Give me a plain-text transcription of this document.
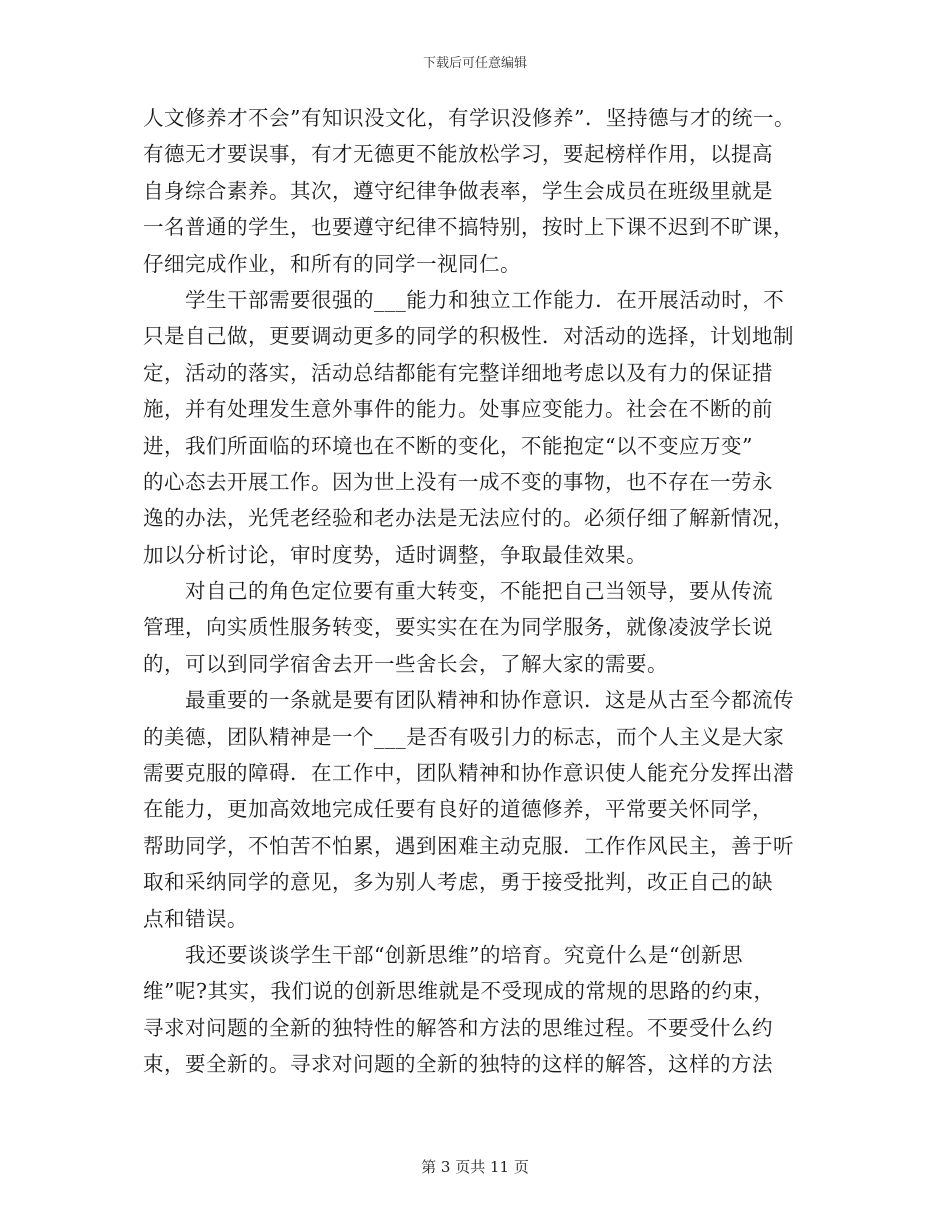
下载后可任意编辑
人文修养才不会”有知识没文化，有学识没修养”．坚持德与才的统一。
有德无才要误事，有才无德更不能放松学习，要起榜样作用，以提高
自身综合素养。其次，遵守纪律争做表率，学生会成员在班级里就是
一名普通的学生，也要遵守纪律不搞特别，按时上下课不迟到不旷课，
仔细完成作业，和所有的同学一视同仁。
学生干部需要很强的___能力和独立工作能力．在开展活动时，不
只是自己做，更要调动更多的同学的积极性．对活动的选择，计划地制
定，活动的落实，活动总结都能有完整详细地考虑以及有力的保证措
施，并有处理发生意外事件的能力。处事应变能力。社会在不断的前
进，我们所面临的环境也在不断的变化，不能抱定“以不变应万变”
的心态去开展工作。因为世上没有一成不变的事物，也不存在一劳永
逸的办法，光凭老经验和老办法是无法应付的。必须仔细了解新情况，
加以分析讨论，审时度势，适时调整，争取最佳效果。
对自己的角色定位要有重大转变，不能把自己当领导，要从传流
管理，向实质性服务转变，要实实在在为同学服务，就像凌波学长说
的，可以到同学宿舍去开一些舍长会，了解大家的需要。
最重要的一条就是要有团队精神和协作意识．这是从古至今都流传
的美德，团队精神是一个___是否有吸引力的标志，而个人主义是大家
需要克服的障碍．在工作中，团队精神和协作意识使人能充分发挥出潜
在能力，更加高效地完成任要有良好的道德修养，平常要关怀同学，
帮助同学，不怕苦不怕累，遇到困难主动克服．工作作风民主，善于听
取和采纳同学的意见，多为别人考虑，勇于接受批判，改正自己的缺
点和错误。
我还要谈谈学生干部“创新思维”的培育。究竟什么是“创新思
维”呢?其实，我们说的创新思维就是不受现成的常规的思路的约束，
寻求对问题的全新的独特性的解答和方法的思维过程。不要受什么约
束，要全新的。寻求对问题的全新的独特的这样的解答，这样的方法
第 3 页共 11 页
